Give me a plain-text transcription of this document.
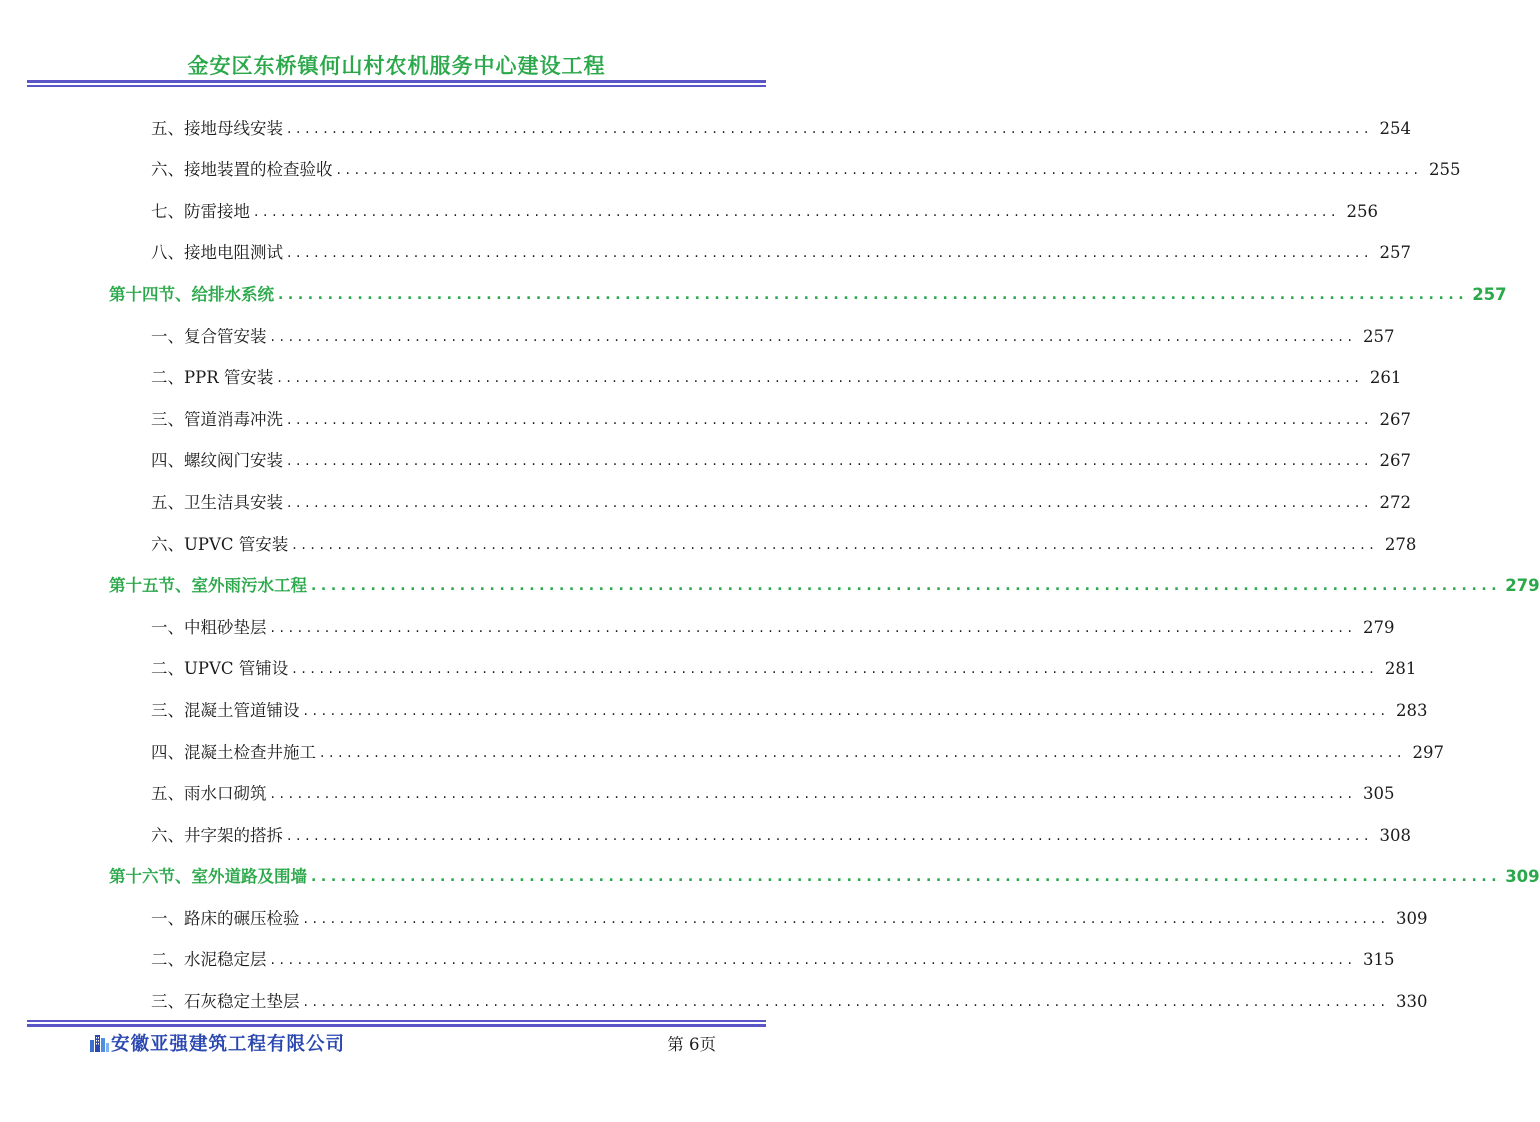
金安区东桥镇何山村农机服务中心建设工程
五、接地母线安装 ........................................................................................................................ 254
六、接地装置的检查验收 ........................................................................................................................ 255
七、防雷接地 ........................................................................................................................ 256
八、接地电阻测试 ........................................................................................................................ 257
第十四节、给排水系统 ........................................................................................................................ 257
一、复合管安装 ........................................................................................................................ 257
二、PPR 管安装 ........................................................................................................................ 261
三、管道消毒冲洗 ........................................................................................................................ 267
四、螺纹阀门安装 ........................................................................................................................ 267
五、卫生洁具安装 ........................................................................................................................ 272
六、UPVC 管安装 ........................................................................................................................ 278
第十五节、室外雨污水工程 ........................................................................................................................ 279
一、中粗砂垫层 ........................................................................................................................ 279
二、UPVC 管铺设 ........................................................................................................................ 281
三、混凝土管道铺设 ........................................................................................................................ 283
四、混凝土检查井施工 ........................................................................................................................ 297
五、雨水口砌筑 ........................................................................................................................ 305
六、井字架的搭拆 ........................................................................................................................ 308
第十六节、室外道路及围墙 ........................................................................................................................ 309
一、路床的碾压检验 ........................................................................................................................ 309
二、水泥稳定层 ........................................................................................................................ 315
三、石灰稳定土垫层 ........................................................................................................................ 330
安徽亚强建筑工程有限公司	第 6页
